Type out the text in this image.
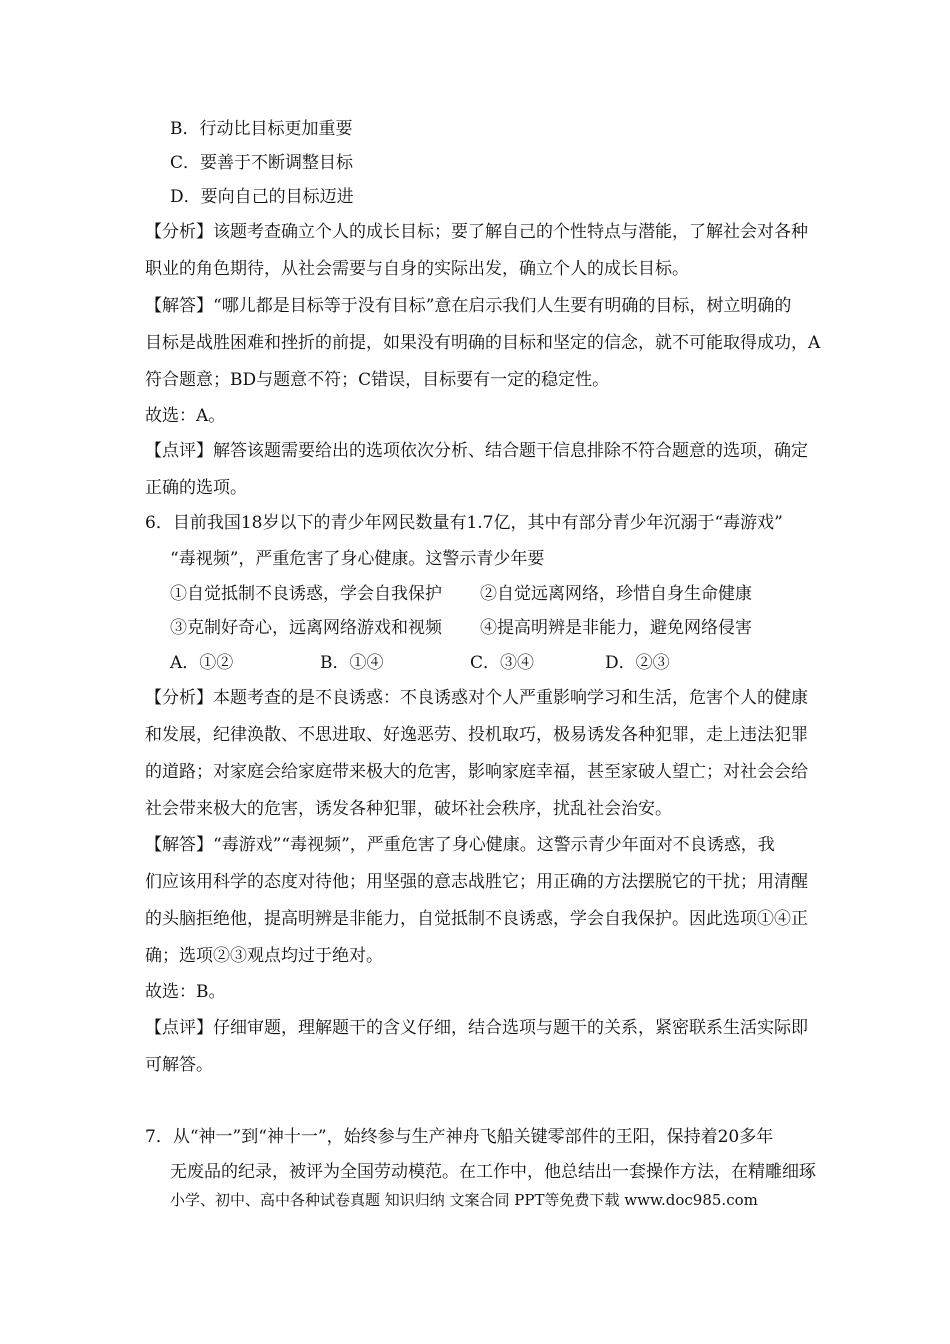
B．行动比目标更加重要
C．要善于不断调整目标
D．要向自己的目标迈进
【分析】该题考查确立个人的成长目标；要了解自己的个性特点与潜能，了解社会对各种
职业的角色期待，从社会需要与自身的实际出发，确立个人的成长目标。
【解答】“哪儿都是目标等于没有目标”意在启示我们人生要有明确的目标，树立明确的
目标是战胜困难和挫折的前提，如果没有明确的目标和坚定的信念，就不可能取得成功，A
符合题意；BD与题意不符；C错误，目标要有一定的稳定性。
故选：A。
【点评】解答该题需要给出的选项依次分析、结合题干信息排除不符合题意的选项，确定
正确的选项。
6．目前我国18岁以下的青少年网民数量有1.7亿，其中有部分青少年沉溺于“毒游戏”
“毒视频”，严重危害了身心健康。这警示青少年要
①自觉抵制不良诱惑，学会自我保护 ②自觉远离网络，珍惜自身生命健康
③克制好奇心，远离网络游戏和视频 ④提高明辨是非能力，避免网络侵害
A．①②	B．①④	C．③④	D．②③
【分析】本题考查的是不良诱惑：不良诱惑对个人严重影响学习和生活，危害个人的健康
和发展，纪律涣散、不思进取、好逸恶劳、投机取巧，极易诱发各种犯罪，走上违法犯罪
的道路；对家庭会给家庭带来极大的危害，影响家庭幸福，甚至家破人望亡；对社会会给
社会带来极大的危害，诱发各种犯罪，破坏社会秩序，扰乱社会治安。
【解答】“毒游戏”“毒视频”，严重危害了身心健康。这警示青少年面对不良诱惑，我
们应该用科学的态度对待他；用坚强的意志战胜它；用正确的方法摆脱它的干扰；用清醒
的头脑拒绝他，提高明辨是非能力，自觉抵制不良诱惑，学会自我保护。因此选项①④正
确；选项②③观点均过于绝对。
故选：B。
【点评】仔细审题，理解题干的含义仔细，结合选项与题干的关系，紧密联系生活实际即
可解答。
7．从“神一”到“神十一”，始终参与生产神舟飞船关键零部件的王阳，保持着20多年
无废品的纪录，被评为全国劳动模范。在工作中，他总结出一套操作方法，在精雕细琢
小学、初中、高中各种试卷真题 知识归纳 文案合同 PPT等免费下载 www.doc985.com
